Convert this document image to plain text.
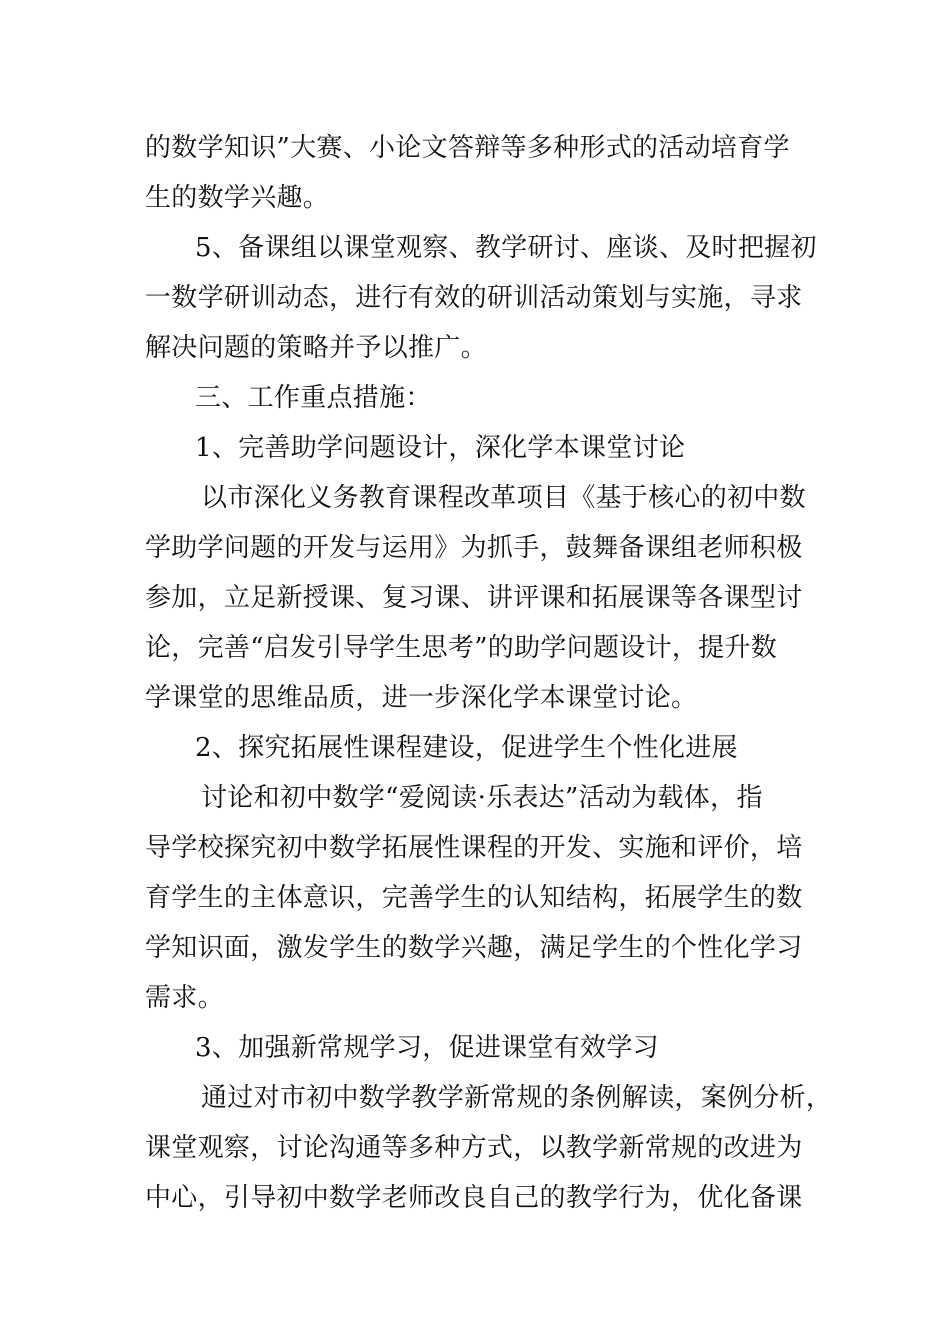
的数学知识”大赛、小论文答辩等多种形式的活动培育学
生的数学兴趣。
5、备课组以课堂观察、教学研讨、座谈、及时把握初
一数学研训动态，进行有效的研训活动策划与实施，寻求
解决问题的策略并予以推广。
三、工作重点措施：
1、完善助学问题设计，深化学本课堂讨论
以市深化义务教育课程改革项目《基于核心的初中数
学助学问题的开发与运用》为抓手，鼓舞备课组老师积极
参加，立足新授课、复习课、讲评课和拓展课等各课型讨
论，完善“启发引导学生思考”的助学问题设计，提升数
学课堂的思维品质，进一步深化学本课堂讨论。
2、探究拓展性课程建设，促进学生个性化进展
讨论和初中数学“爱阅读·乐表达”活动为载体，指
导学校探究初中数学拓展性课程的开发、实施和评价，培
育学生的主体意识，完善学生的认知结构，拓展学生的数
学知识面，激发学生的数学兴趣，满足学生的个性化学习
需求。
3、加强新常规学习，促进课堂有效学习
通过对市初中数学教学新常规的条例解读，案例分析，
课堂观察，讨论沟通等多种方式，以教学新常规的改进为
中心，引导初中数学老师改良自己的教学行为，优化备课
